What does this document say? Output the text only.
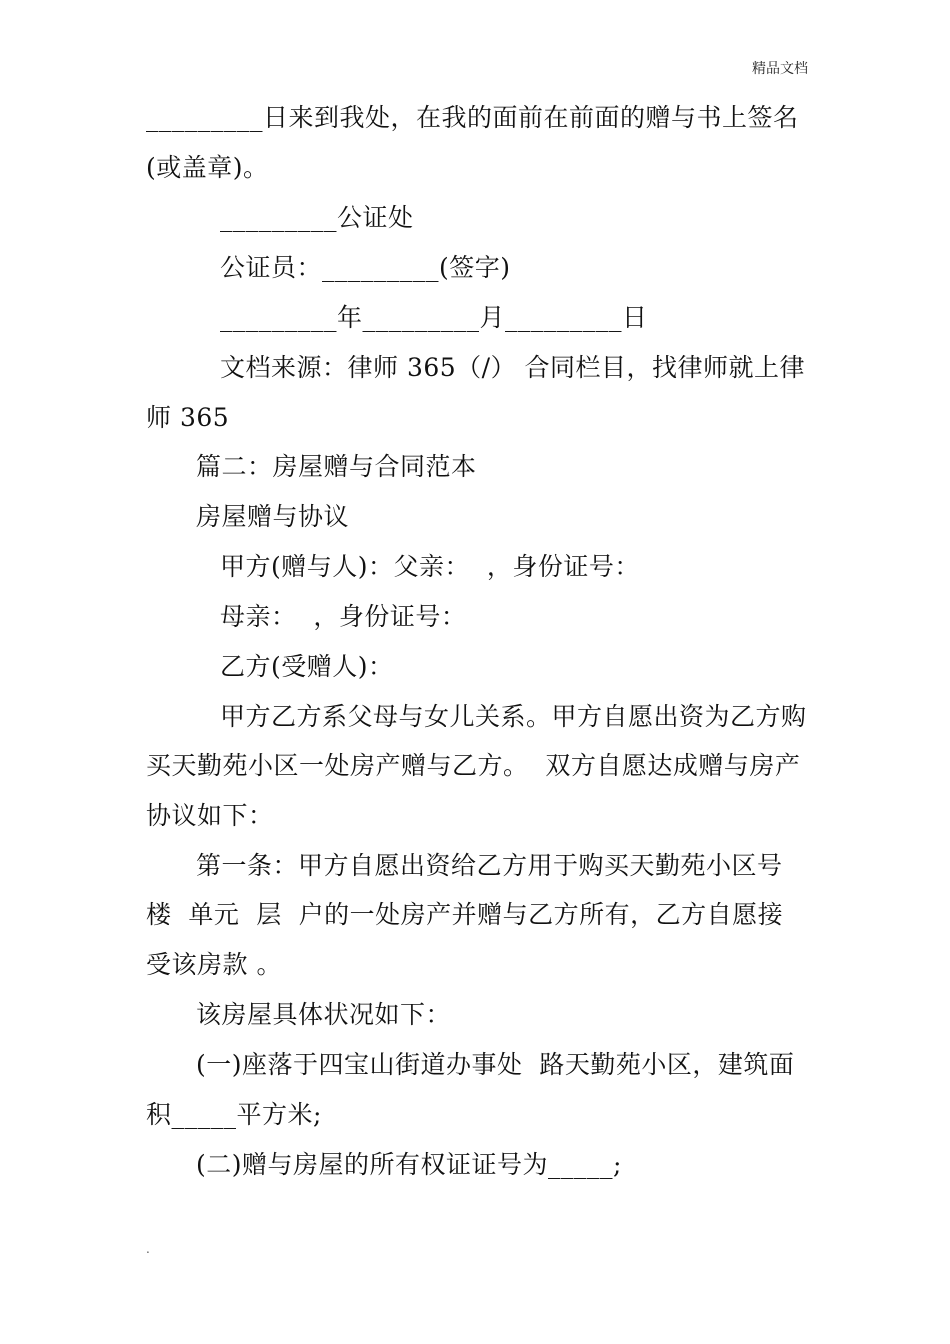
精品文档
_________日来到我处，在我的面前在前面的赠与书上签名
(或盖章)。
_________公证处
公证员：_________(签字)
_________年_________月_________日
文档来源：律师 365（/） 合同栏目，找律师就上律
师 365
篇二：房屋赠与合同范本
房屋赠与协议
甲方(赠与人)：父亲：  ，身份证号：
母亲：  ，身份证号：
乙方(受赠人)：
甲方乙方系父母与女儿关系。甲方自愿出资为乙方购
买天勤苑小区一处房产赠与乙方。  双方自愿达成赠与房产
协议如下：
第一条：甲方自愿出资给乙方用于购买天勤苑小区号
楼  单元  层  户的一处房产并赠与乙方所有，乙方自愿接
受该房款 。
该房屋具体状况如下：
(一)座落于四宝山街道办事处  路天勤苑小区，建筑面
积_____平方米;
(二)赠与房屋的所有权证证号为_____;
.
